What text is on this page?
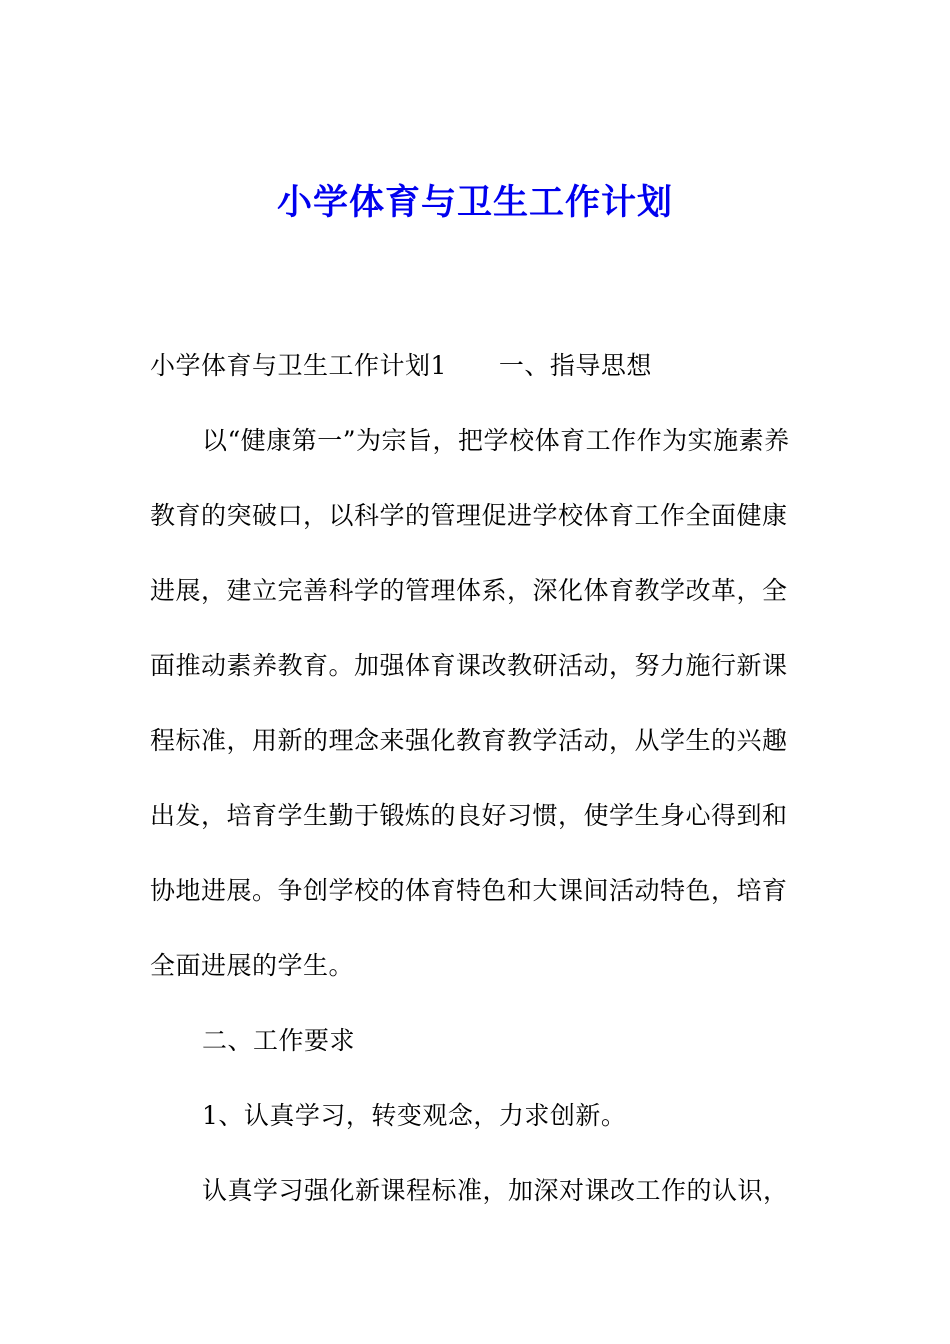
小学体育与卫生工作计划

小学体育与卫生工作计划1 一、指导思想

以“健康第一”为宗旨，把学校体育工作作为实施素养教育的突破口，以科学的管理促进学校体育工作全面健康进展，建立完善科学的管理体系，深化体育教学改革，全面推动素养教育。加强体育课改教研活动，努力施行新课程标准，用新的理念来强化教育教学活动，从学生的兴趣出发，培育学生勤于锻炼的良好习惯，使学生身心得到和协地进展。争创学校的体育特色和大课间活动特色，培育全面进展的学生。

二、工作要求

1、认真学习，转变观念，力求创新。

认真学习强化新课程标准，加深对课改工作的认识，
